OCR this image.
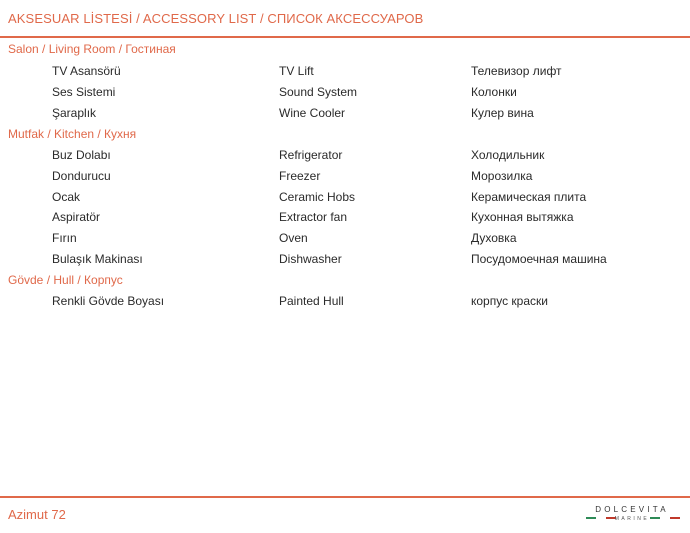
AKSESUAR LİSTESİ / ACCESSORY LIST / СПИСОК АКСЕССУАРОВ
Salon / Living Room / Гостиная
TV Asansörü	TV Lift	Телевизор лифт
Ses Sistemi	Sound System	Колонки
Şaraplık	Wine Cooler	Кулер вина
Mutfak / Kitchen / Кухня
Buz Dolabı	Refrigerator	Холодильник
Dondurucu	Freezer	Морозилка
Ocak	Ceramic Hobs	Керамическая плита
Aspiratör	Extractor fan	Кухонная вытяжка
Fırın	Oven	Духовка
Bulaşık Makinası	Dishwasher	Посудомоечная машина
Gövde / Hull / Корпус
Renkli Gövde Boyası	Painted Hull	корпус краски
Azimut 72	DOLCEVITA
MARINE
